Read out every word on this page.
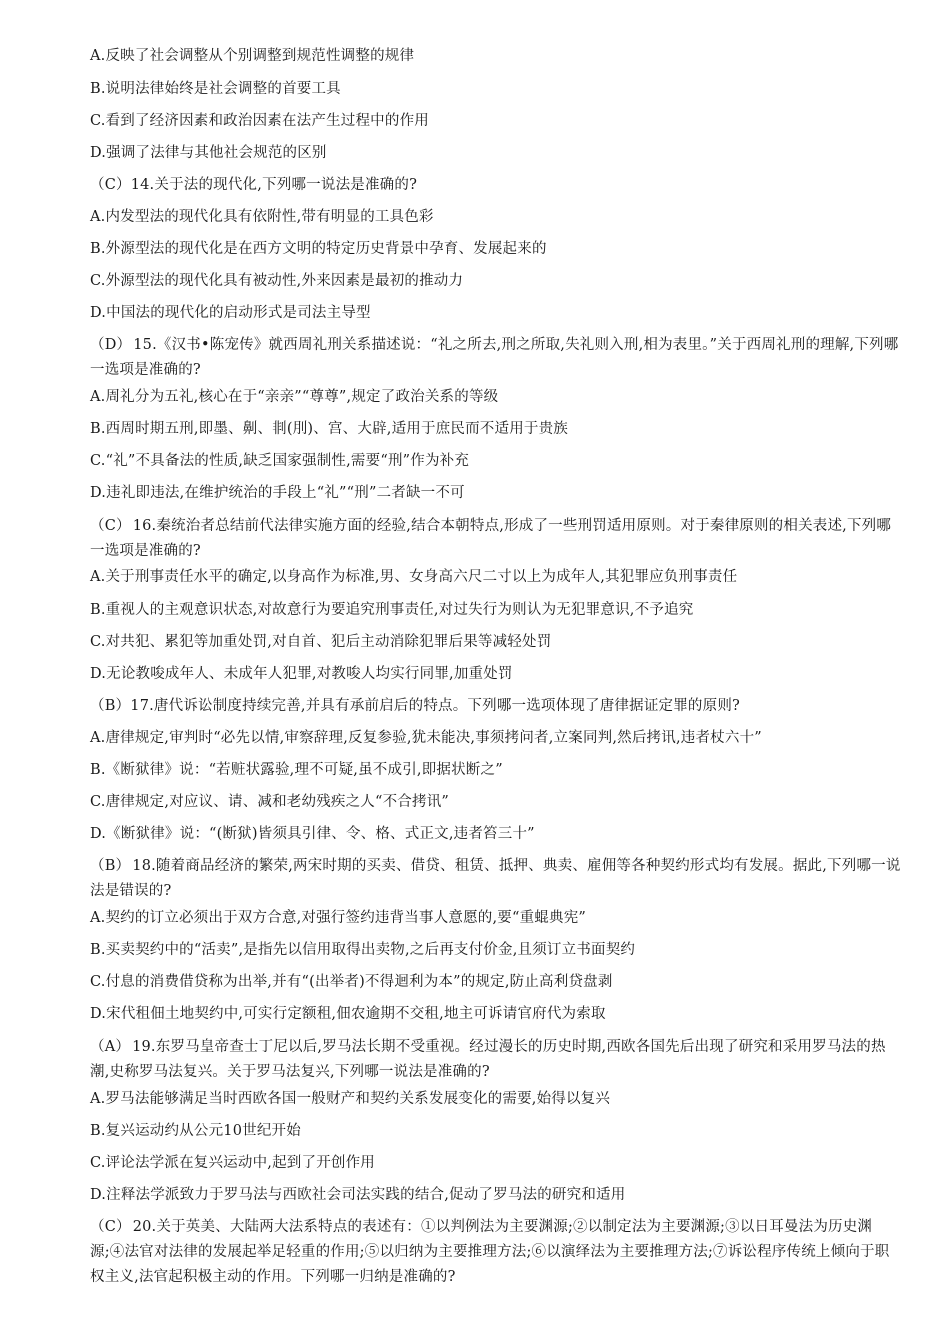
A.反映了社会调整从个别调整到规范性调整的规律
B.说明法律始终是社会调整的首要工具
C.看到了经济因素和政治因素在法产生过程中的作用
D.强调了法律与其他社会规范的区别
（C）14.关于法的现代化,下列哪一说法是准确的?
A.内发型法的现代化具有依附性,带有明显的工具色彩
B.外源型法的现代化是在西方文明的特定历史背景中孕育、发展起来的
C.外源型法的现代化具有被动性,外来因素是最初的推动力
D.中国法的现代化的启动形式是司法主导型
（D） 15.《汉书•陈宠传》就西周礼刑关系描述说：“礼之所去,刑之所取,失礼则入刑,相为表里。”关于西周礼刑的理解,下列哪一选项是准确的?
A.周礼分为五礼,核心在于“亲亲”“尊尊”,规定了政治关系的等级
B.西周时期五刑,即墨、劓、剕(刖)、宫、大辟,适用于庶民而不适用于贵族
C.“礼”不具备法的性质,缺乏国家强制性,需要“刑”作为补充
D.违礼即违法,在维护统治的手段上“礼”“刑”二者缺一不可
（C） 16.秦统治者总结前代法律实施方面的经验,结合本朝特点,形成了一些刑罚适用原则。对于秦律原则的相关表述,下列哪一选项是准确的?
A.关于刑事责任水平的确定,以身高作为标准,男、女身高六尺二寸以上为成年人,其犯罪应负刑事责任
B.重视人的主观意识状态,对故意行为要追究刑事责任,对过失行为则认为无犯罪意识,不予追究
C.对共犯、累犯等加重处罚,对自首、犯后主动消除犯罪后果等减轻处罚
D.无论教唆成年人、未成年人犯罪,对教唆人均实行同罪,加重处罚
（B）17.唐代诉讼制度持续完善,并具有承前启后的特点。下列哪一选项体现了唐律据证定罪的原则?
A.唐律规定,审判时“必先以情,审察辞理,反复参验,犹未能决,事须拷问者,立案同判,然后拷讯,违者杖六十”
B.《断狱律》说：“若赃状露验,理不可疑,虽不成引,即据状断之”
C.唐律规定,对应议、请、减和老幼残疾之人“不合拷讯”
D.《断狱律》说：“(断狱)皆须具引律、令、格、式正文,违者笞三十”
（B） 18.随着商品经济的繁荣,两宋时期的买卖、借贷、租赁、抵押、典卖、雇佣等各种契约形式均有发展。据此,下列哪一说法是错误的?
A.契约的订立必须出于双方合意,对强行签约违背当事人意愿的,要“重蜫典宪”
B.买卖契约中的“活卖”,是指先以信用取得出卖物,之后再支付价金,且须订立书面契约
C.付息的消费借贷称为出举,并有“(出举者)不得迴利为本”的规定,防止高利贷盘剥
D.宋代租佃土地契约中,可实行定额租,佃农逾期不交租,地主可诉请官府代为索取
（A） 19.东罗马皇帝查士丁尼以后,罗马法长期不受重视。经过漫长的历史时期,西欧各国先后出现了研究和采用罗马法的热潮,史称罗马法复兴。关于罗马法复兴,下列哪一说法是准确的?
A.罗马法能够满足当时西欧各国一般财产和契约关系发展变化的需要,始得以复兴
B.复兴运动约从公元10世纪开始
C.评论法学派在复兴运动中,起到了开创作用
D.注释法学派致力于罗马法与西欧社会司法实践的结合,促动了罗马法的研究和适用
（C） 20.关于英美、大陆两大法系特点的表述有：①以判例法为主要渊源;②以制定法为主要渊源;③以日耳曼法为历史渊源;④法官对法律的发展起举足轻重的作用;⑤以归纳为主要推理方法;⑥以演绎法为主要推理方法;⑦诉讼程序传统上倾向于职权主义,法官起积极主动的作用。下列哪一归纳是准确的?
